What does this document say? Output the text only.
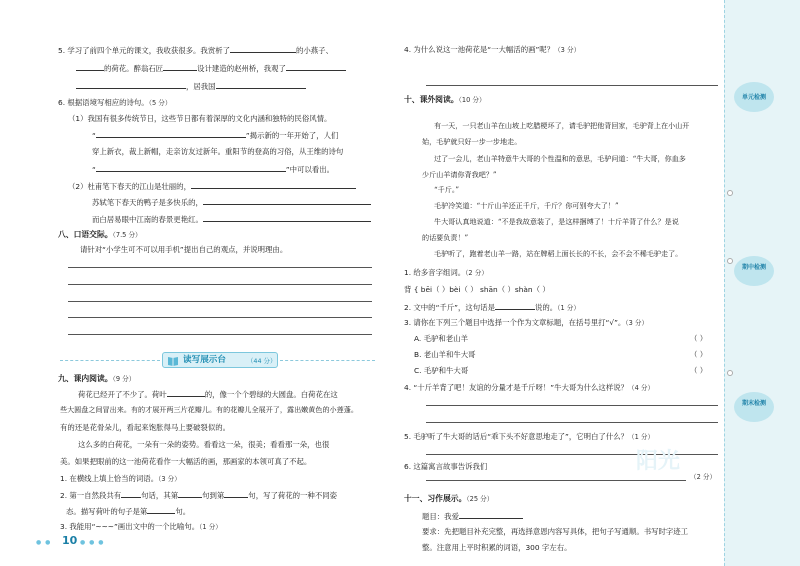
5. 学习了前四个单元的课文，我收获很多。我赏析了	的小燕子、
的荷花。醉翁石匠	设计建造的赵州桥，我观了
，居我国
6. 根据语境写相应的诗句。（5 分）
（1）我国有很多传统节日，这些节日都有着深厚的文化内涵和独特的民俗风情。
“	”揭示新的一年开始了，人们
穿上新衣，裁上新帽，走亲访友过新年。重阳节的登高的习俗，从王维的诗句
“	”中可以看出。
（2）杜甫笔下春天的江山是壮丽的，
苏轼笔下春天的鸭子是多快乐的，
而白居易眼中江南的春景更艳红。
八、口语交际。（7.5 分）
请针对“小学生可不可以用手机”提出自己的观点，并说明理由。
读写展示台	（44 分）
九、课内阅读。（9 分）
荷花已经开了不少了。荷叶	的，像一个个碧绿的大圆盘。白荷花在这
些大圆盘之间冒出来。有的才展开两三片花瓣儿。有的花瓣儿全展开了，露出嫩黄色的小莲蓬。
有的还是花骨朵儿，看起来饱胀得马上要破裂似的。
这么多的白荷花，一朵有一朵的姿势。看看这一朵，很美；看看那一朵，也很
美。如果把眼前的这一池荷花看作一大幅活的画，那画家的本领可真了不起。
1. 在横线上填上恰当的词语。（3 分）
2. 第一自然段共有	句话，其第	句到第	句，写了荷花的一种不同姿
态。描写荷叶的句子是第	句。
3. 我能用“~~~”画出文中的一个比喻句。（1 分）
● ● 10 ● ● ●
4. 为什么说这一池荷花是“一大幅活的画”呢？（3 分）
十、课外阅读。（10 分）
有一天，一只老山羊在山坡上吃腊梗坏了，请毛驴把他背回家，毛驴背上在小山开
始，毛驴就只好一步一步地走。
过了一会儿，老山羊特意牛大哥的个性温和的意思，毛驴问道：“牛大哥，你血多
少斤山羊请你背我吧？”
“千斤。”
毛驴冷笑道：“十斤山羊还正千斤，千斤？你可别夸大了！”
牛大哥认真地说道：“不是我故意装了，是这样捆缚了！十斤羊背了什么？是说
的话要负责！”
毛驴听了，跑着老山羊一路，站在牌稻上面长长的不长，会不会不稀毛驴走了。
1. 给多音字组词。（2 分）
背 { bēi（ ）bèi（ ） shān（ ）shàn（ ）
2. 文中的“千斤”，这句话是	说的。（1 分）
3. 请你在下列三个题目中选择一个作为文章标题，在括号里打“√”。（3 分）
A. 毛驴和老山羊	（ ）
B. 老山羊和牛大哥	（ ）
C. 毛驴和牛大哥	（ ）
4. “十斤羊背了吧！友谊的分量才是千斤呀！”牛大哥为什么这样说？（4 分）
5. 毛驴听了牛大哥的话后“乖下头不好意思地走了”，它明白了什么？（1 分）
6. 这篇寓言故事告诉我们
（2 分）
十一、习作展示。（25 分）
题目：我爱
要求：先把题目补充完整，再选择意恩内容写具体，把句子写通顺。书写时字迹工
整。注意用上平时积累的词语，300 字左右。
阳光
单元检测
期中检测
期末检测
